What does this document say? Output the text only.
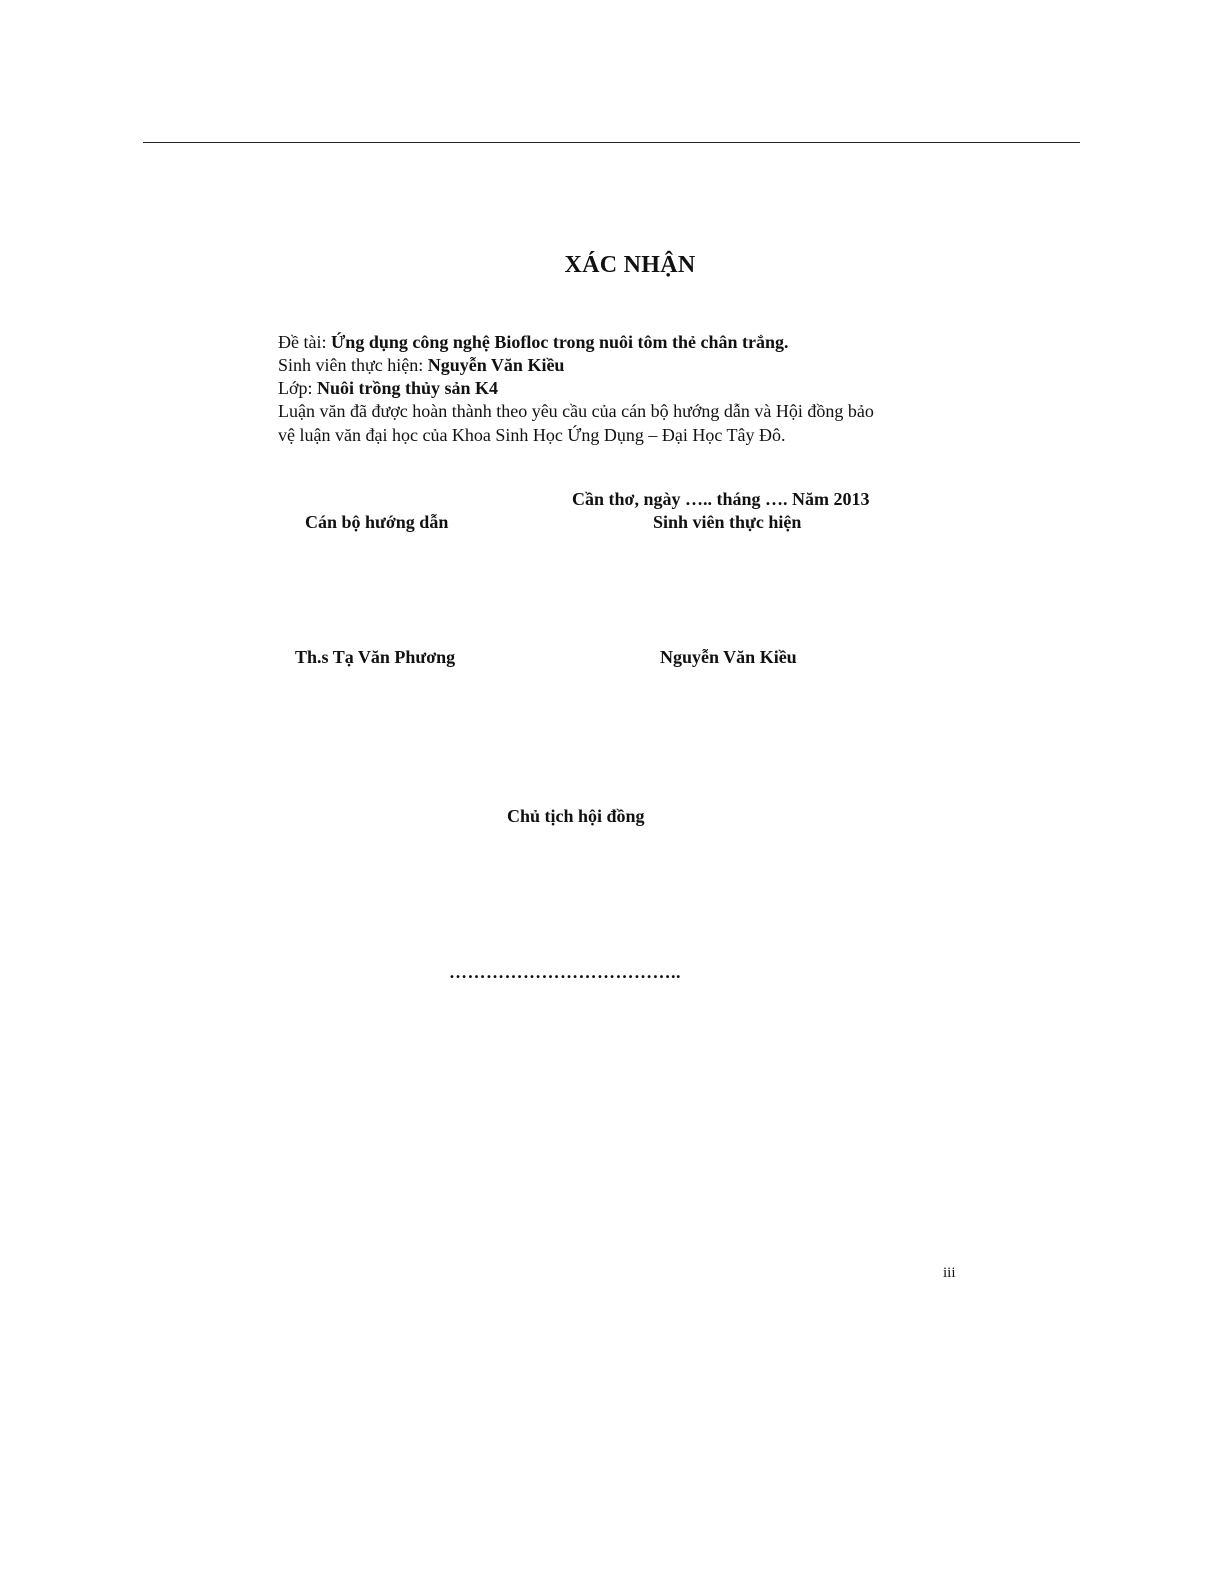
XÁC NHẬN
Đề tài: Ứng dụng công nghệ Biofloc trong nuôi tôm thẻ chân trắng.
Sinh viên thực hiện: Nguyễn Văn Kiều
Lớp: Nuôi trồng thủy sản K4
Luận văn đã được hoàn thành theo yêu cầu của cán bộ hướng dẫn và Hội đồng bảo
vệ luận văn đại học của Khoa Sinh Học Ứng Dụng – Đại Học Tây Đô.
Cần thơ, ngày ….. tháng …. Năm 2013
Cán bộ hướng dẫn	Sinh viên thực hiện
Th.s Tạ Văn Phương	Nguyễn Văn Kiều
Chủ tịch hội đồng
………………………………..
iii
